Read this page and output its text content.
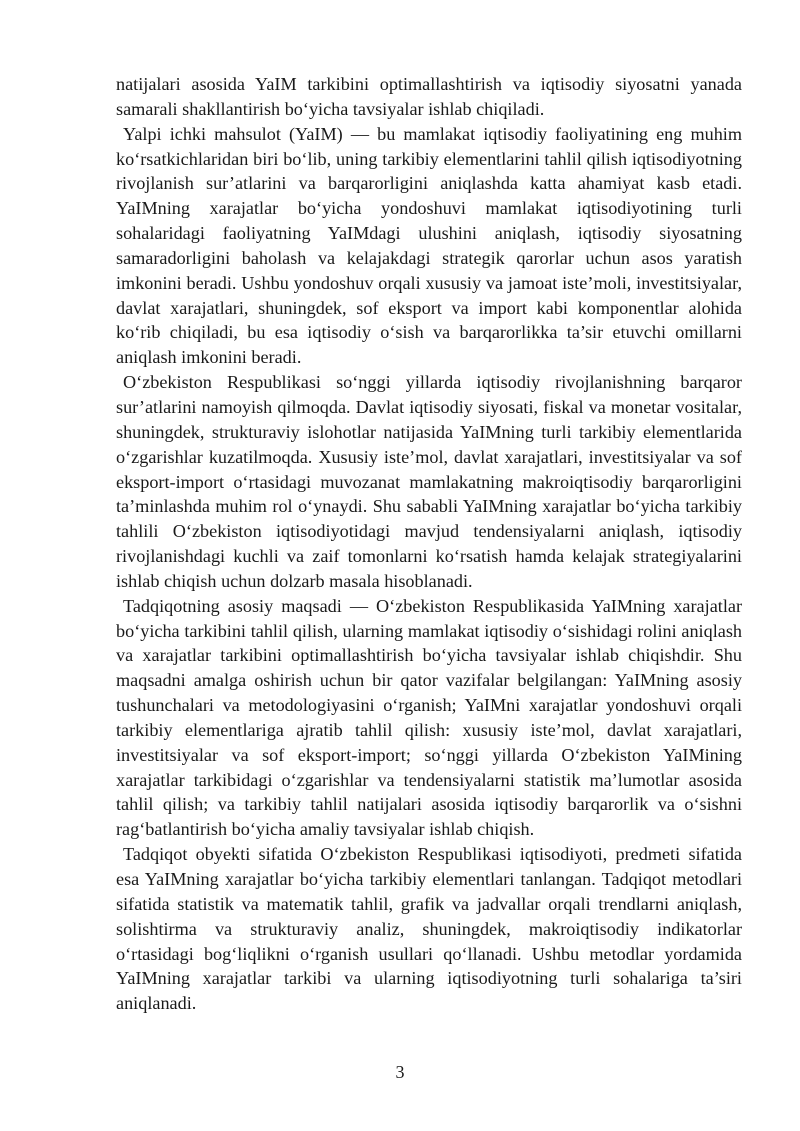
natijalari asosida YaIM tarkibini optimallashtirish va iqtisodiy siyosatni yanada samarali shakllantirish bo‘yicha tavsiyalar ishlab chiqiladi.

Yalpi ichki mahsulot (YaIM) — bu mamlakat iqtisodiy faoliyatining eng muhim ko‘rsatkichlaridan biri bo‘lib, uning tarkibiy elementlarini tahlil qilish iqtisodiyotning rivojlanish sur’atlarini va barqarorligini aniqlashda katta ahamiyat kasb etadi. YaIMning xarajatlar bo‘yicha yondoshuvi mamlakat iqtisodiyotining turli sohalaridagi faoliyatning YaIMdagi ulushini aniqlash, iqtisodiy siyosatning samaradorligini baholash va kelajakdagi strategik qarorlar uchun asos yaratish imkonini beradi. Ushbu yondoshuv orqali xususiy va jamoat iste’moli, investitsiyalar, davlat xarajatlari, shuningdek, sof eksport va import kabi komponentlar alohida ko‘rib chiqiladi, bu esa iqtisodiy o‘sish va barqarorlikka ta’sir etuvchi omillarni aniqlash imkonini beradi.

O‘zbekiston Respublikasi so‘nggi yillarda iqtisodiy rivojlanishning barqaror sur’atlarini namoyish qilmoqda. Davlat iqtisodiy siyosati, fiskal va monetar vositalar, shuningdek, strukturaviy islohotlar natijasida YaIMning turli tarkibiy elementlarida o‘zgarishlar kuzatilmoqda. Xususiy iste’mol, davlat xarajatlari, investitsiyalar va sof eksport-import o‘rtasidagi muvozanat mamlakatning makroiqtisodiy barqarorligini ta’minlashda muhim rol o‘ynaydi. Shu sababli YaIMning xarajatlar bo‘yicha tarkibiy tahlili O‘zbekiston iqtisodiyotidagi mavjud tendensiyalarni aniqlash, iqtisodiy rivojlanishdagi kuchli va zaif tomonlarni ko‘rsatish hamda kelajak strategiyalarini ishlab chiqish uchun dolzarb masala hisoblanadi.

Tadqiqotning asosiy maqsadi — O‘zbekiston Respublikasida YaIMning xarajatlar bo‘yicha tarkibini tahlil qilish, ularning mamlakat iqtisodiy o‘sishidagi rolini aniqlash va xarajatlar tarkibini optimallashtirish bo‘yicha tavsiyalar ishlab chiqishdir. Shu maqsadni amalga oshirish uchun bir qator vazifalar belgilangan: YaIMning asosiy tushunchalari va metodologiyasini o‘rganish; YaIMni xarajatlar yondoshuvi orqali tarkibiy elementlariga ajratib tahlil qilish: xususiy iste’mol, davlat xarajatlari, investitsiyalar va sof eksport-import; so‘nggi yillarda O‘zbekiston YaIMining xarajatlar tarkibidagi o‘zgarishlar va tendensiyalarni statistik ma’lumotlar asosida tahlil qilish; va tarkibiy tahlil natijalari asosida iqtisodiy barqarorlik va o‘sishni rag‘batlantirish bo‘yicha amaliy tavsiyalar ishlab chiqish.

Tadqiqot obyekti sifatida O‘zbekiston Respublikasi iqtisodiyoti, predmeti sifatida esa YaIMning xarajatlar bo‘yicha tarkibiy elementlari tanlangan. Tadqiqot metodlari sifatida statistik va matematik tahlil, grafik va jadvallar orqali trendlarni aniqlash, solishtirma va strukturaviy analiz, shuningdek, makroiqtisodiy indikatorlar o‘rtasidagi bog‘liqlikni o‘rganish usullari qo‘llanadi. Ushbu metodlar yordamida YaIMning xarajatlar tarkibi va ularning iqtisodiyotning turli sohalariga ta’siri aniqlanadi.

3
